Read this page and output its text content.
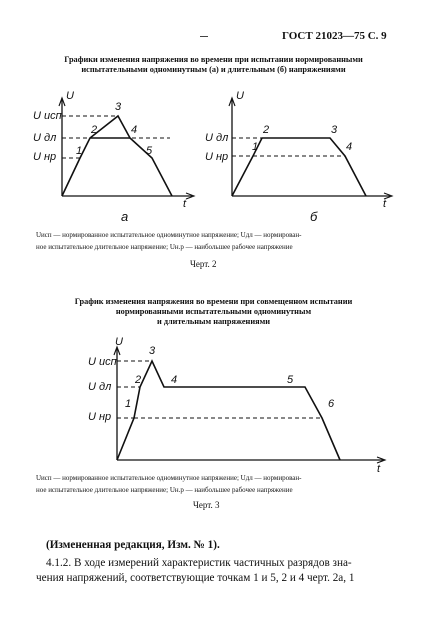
ГОСТ 21023—75 С. 9
Графики изменения напряжения во времени при испытании нормированными
испытательными одноминутным (а) и длительным (б) напряжениями
U
U исп
U дл
U нр 1
2
3
4
5
t
а
U
U дл
U нр
1
2	3
4
t
б
Uисп — нормированное испытательное одноминутное напряжение; Uдл — нормирован-
ное испытательное длительное напряжение; Uн.р — наибольшее рабочее напряжение
Черт. 2
График изменения напряжения во времени при совмещенном испытании
нормированными испытательными одноминутным
и длительным напряжениями
U
U исп
U дл
U нр
1
2
3
4	5
6
t
Uисп — нормированное испытательное одноминутное напряжение; Uдл — нормирован-
ное испытательное длительное напряжение; Uн.р — наибольшее рабочее напряжение
Черт. 3
(Измененная редакция, Изм. № 1).
4.1.2. В ходе измерений характеристик частичных разрядов зна-
чения напряжений, соответствующие точкам 1 и 5, 2 и 4 черт. 2а, 1
